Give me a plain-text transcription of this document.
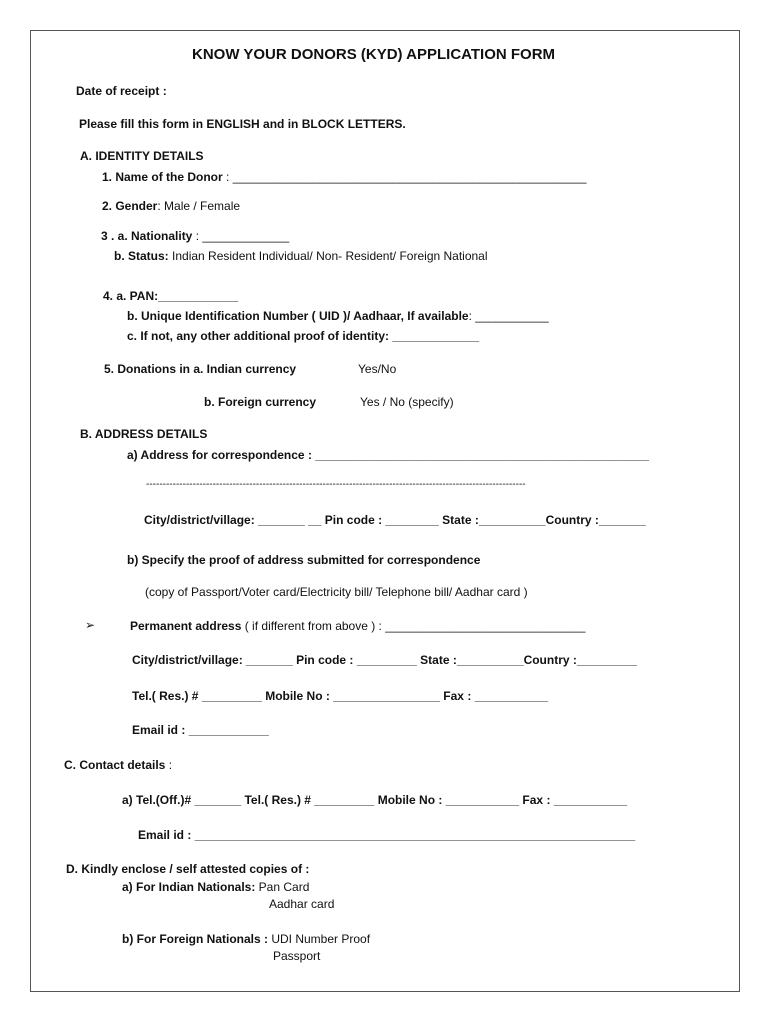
KNOW YOUR DONORS (KYD) APPLICATION FORM
Date of receipt :
Please fill this form in ENGLISH and in BLOCK LETTERS.
A. IDENTITY DETAILS
1. Name of the Donor : _____________________________________________________
2. Gender: Male / Female
3 . a. Nationality : _____________
b. Status: Indian Resident Individual/ Non- Resident/ Foreign National
4. a. PAN:____________
b. Unique Identification Number ( UID )/ Aadhaar, If available: ___________
c. If not, any other additional proof of identity: _____________
5. Donations in a. Indian currency	Yes/No
b. Foreign currency	Yes / No (specify)
B. ADDRESS DETAILS
a) Address for correspondence : __________________________________________________
------------------------------------------------------------------------------------------------------------------
City/district/village: _______ __ Pin code : ________ State :__________Country :_______
b) Specify the proof of address submitted for correspondence
(copy of Passport/Voter card/Electricity bill/ Telephone bill/ Aadhar card )
➢	Permanent address ( if different from above ) : ______________________________
City/district/village: _______ Pin code : _________ State :__________Country :_________
Tel.( Res.) # _________ Mobile No : ________________ Fax : ___________
Email id : ____________
C. Contact details :
a) Tel.(Off.)# _______ Tel.( Res.) # _________ Mobile No : ___________ Fax : ___________
Email id : __________________________________________________________________
D. Kindly enclose / self attested copies of :
a) For Indian Nationals: Pan Card
Aadhar card
b) For Foreign Nationals : UDI Number Proof
Passport
